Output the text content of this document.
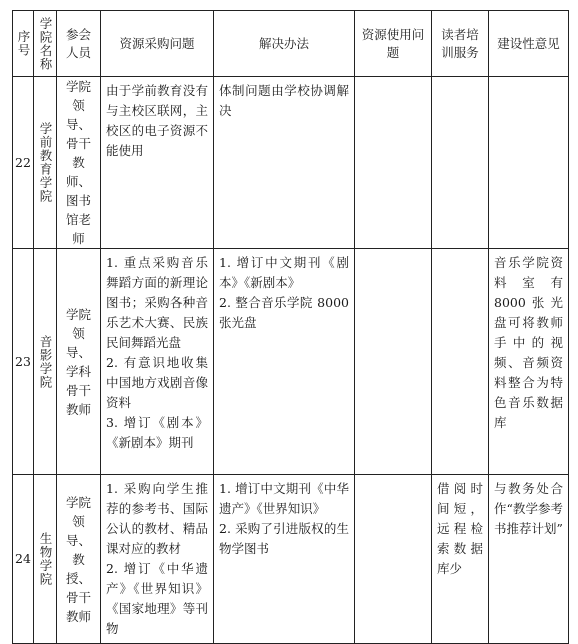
序号	学院名称	参会人员	资源采购问题	解决办法	资源使用问题	读者培训服务	建设性意见

22	学前教育学院	学院领导、骨干教师、图书馆老师	由于学前教育没有与主校区联网，主校区的电子资源不能使用	体制问题由学校协调解决			

23	音影学院	学院领导、学科骨干教师	1. 重点采购音乐舞蹈方面的新理论图书；采购各种音乐艺术大赛、民族民间舞蹈光盘
2. 有意识地收集中国地方戏剧音像资料
3. 增订《剧本》《新剧本》期刊	1. 增订中文期刊《剧本》《新剧本》
2. 整合音乐学院 8000张光盘			音乐学院资料室有8000张光盘可将教师手中的视频、音频资料整合为特色音乐数据库

24	生物学院	学院领导、教授、骨干教师	1. 采购向学生推荐的参考书、国际公认的教材、精品课对应的教材
2. 增订《中华遗产》《世界知识》《国家地理》等刊物	1. 增订中文期刊《中华遗产》《世界知识》
2. 采购了引进版权的生物学图书		借阅时间短，远程检索数据库少	与教务处合作“教学参考书推荐计划”
